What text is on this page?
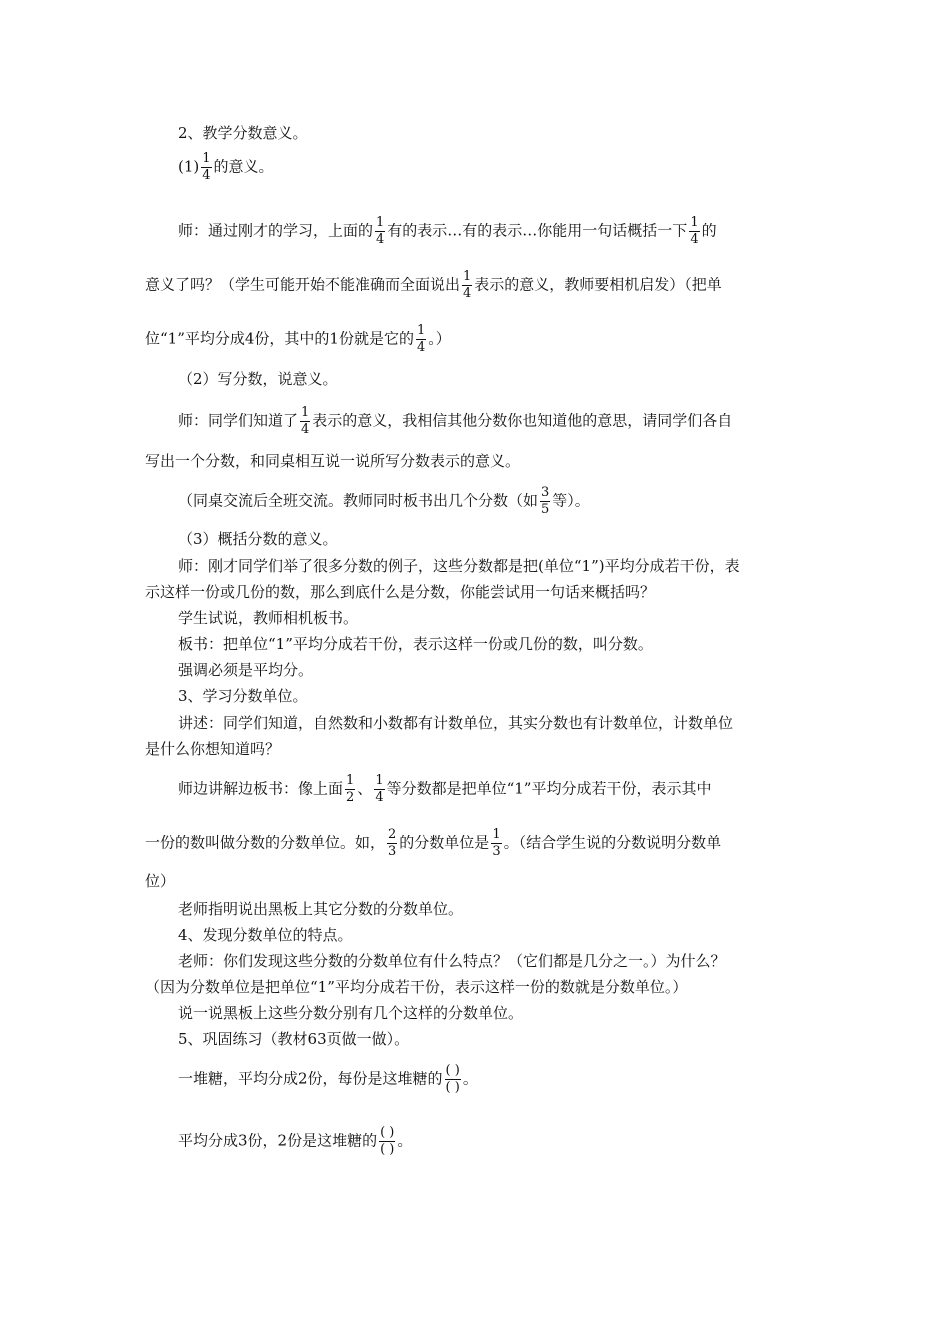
2、教学分数意义。
$(1) \frac{1}{4}$ 的意义。
师：通过刚才的学习，上面的 $\frac{1}{4}$ 有的表示…有的表示…你能用一句话概括一下 $\frac{1}{4}$ 的
意义了吗？（学生可能开始不能准确而全面说出 $\frac{1}{4}$ 表示的意义，教师要相机启发）（把单
位“1”平均分成4份，其中的1份就是它的 $\frac{1}{4}$ 。）
（2）写分数，说意义。
师：同学们知道了 $\frac{1}{4}$ 表示的意义，我相信其他分数你也知道他的意思，请同学们各自
写出一个分数，和同桌相互说一说所写分数表示的意义。
（同桌交流后全班交流。教师同时板书出几个分数（如 $\frac{3}{5}$ 等）。
（3）概括分数的意义。
师：刚才同学们举了很多分数的例子，这些分数都是把(单位“1”)平均分成若干份，表
示这样一份或几份的数，那么到底什么是分数，你能尝试用一句话来概括吗？
学生试说，教师相机板书。
板书：把单位“1”平均分成若干份，表示这样一份或几份的数，叫分数。
强调必须是平均分。
3、学习分数单位。
讲述：同学们知道，自然数和小数都有计数单位，其实分数也有计数单位，计数单位
是什么你想知道吗？
师边讲解边板书：像上面 $\frac{1}{2}$ 、 $\frac{1}{4}$ 等分数都是把单位“1”平均分成若干份，表示其中
一份的数叫做分数的分数单位。如， $\frac{2}{3}$ 的分数单位是 $\frac{1}{3}$ 。（结合学生说的分数说明分数单
位）
老师指明说出黑板上其它分数的分数单位。
4、发现分数单位的特点。
老师：你们发现这些分数的分数单位有什么特点？（它们都是几分之一。）为什么？
（因为分数单位是把单位“1”平均分成若干份，表示这样一份的数就是分数单位。）
说一说黑板上这些分数分别有几个这样的分数单位。
5、巩固练习（教材63页做一做）。
一堆糖，平均分成2份，每份是这堆糖的 $\frac{( )}{( )}$ 。
平均分成3份，2份是这堆糖的 $\frac{( )}{( )}$ 。
